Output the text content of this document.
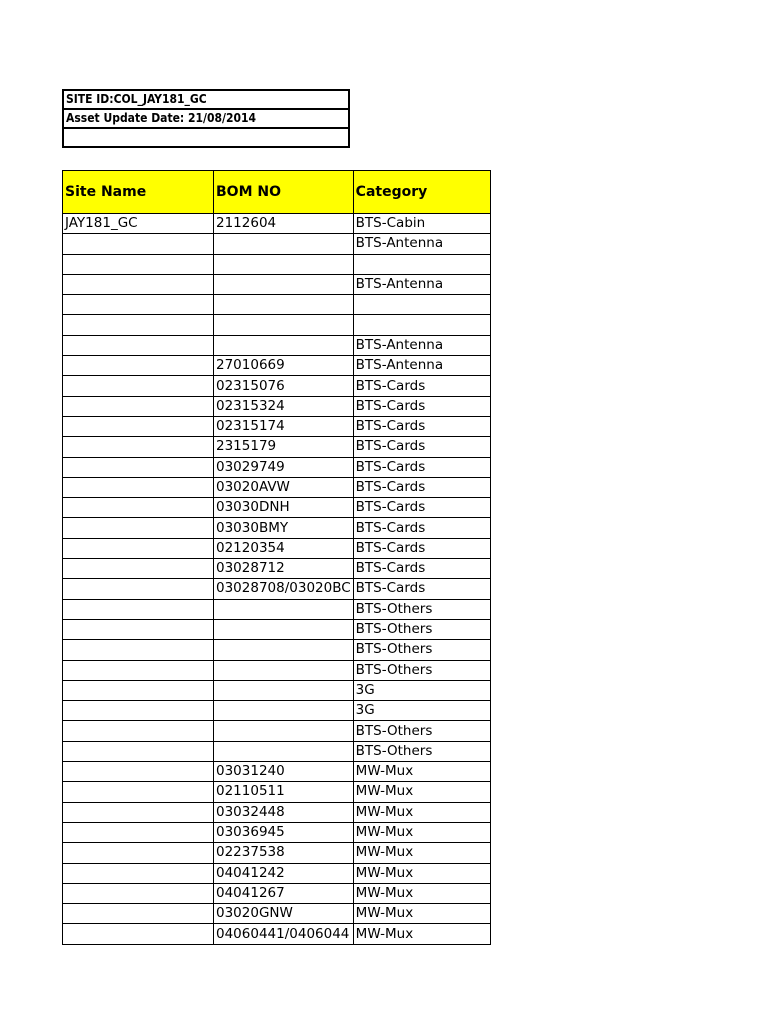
SITE ID:COL_JAY181_GC
Asset Update Date: 21/08/2014

Site Name	BOM NO	Category
JAY181_GC	2112604	BTS-Cabin
		BTS-Antenna

		BTS-Antenna

		BTS-Antenna
	27010669	BTS-Antenna
	02315076	BTS-Cards
	02315324	BTS-Cards
	02315174	BTS-Cards
	2315179	BTS-Cards
	03029749	BTS-Cards
	03020AVW	BTS-Cards
	03030DNH	BTS-Cards
	03030BMY	BTS-Cards
	02120354	BTS-Cards
	03028712	BTS-Cards
	03028708/03020BC	BTS-Cards
		BTS-Others
		BTS-Others
		BTS-Others
		BTS-Others
		3G
		3G
		BTS-Others
		BTS-Others
	03031240	MW-Mux
	02110511	MW-Mux
	03032448	MW-Mux
	03036945	MW-Mux
	02237538	MW-Mux
	04041242	MW-Mux
	04041267	MW-Mux
	03020GNW	MW-Mux
	04060441/0406044	MW-Mux
